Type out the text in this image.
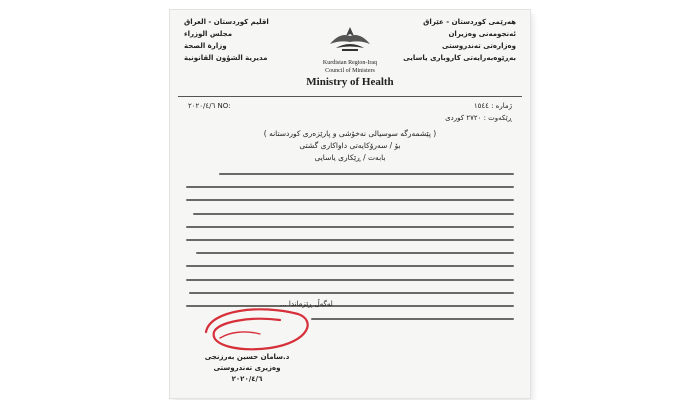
هەرێمی کوردستان - عێراق
ئەنجومەنی وەزیران
وەزارەتی تەندروستی
بەڕێوەبەرایەتی کاروباری یاسایی
اقليم كوردستان - العراق
مجلس الوزراء
وزارة الصحة
مديرية الشؤون القانونية
Kurdistan Region-Iraq
Council of Ministers
Ministry of Health
ژمارە : ١٥٤٤
ڕێکەوت : ٢٧٢٠ کوردی
:NO ٢٠٢٠/٤/٦
( پێشمەرگە سوسیالی نەخۆشی و پارێزەری کوردستانە )
بۆ / سەرۆکایەتی داواکاری گشتی
بابەت / ڕێکاری یاسایی
لەگەڵ ڕێزماندا ...
د.سامان حسين بەرزنجی
وەزیری تەندروستی
٢٠٢٠/٤/٦
